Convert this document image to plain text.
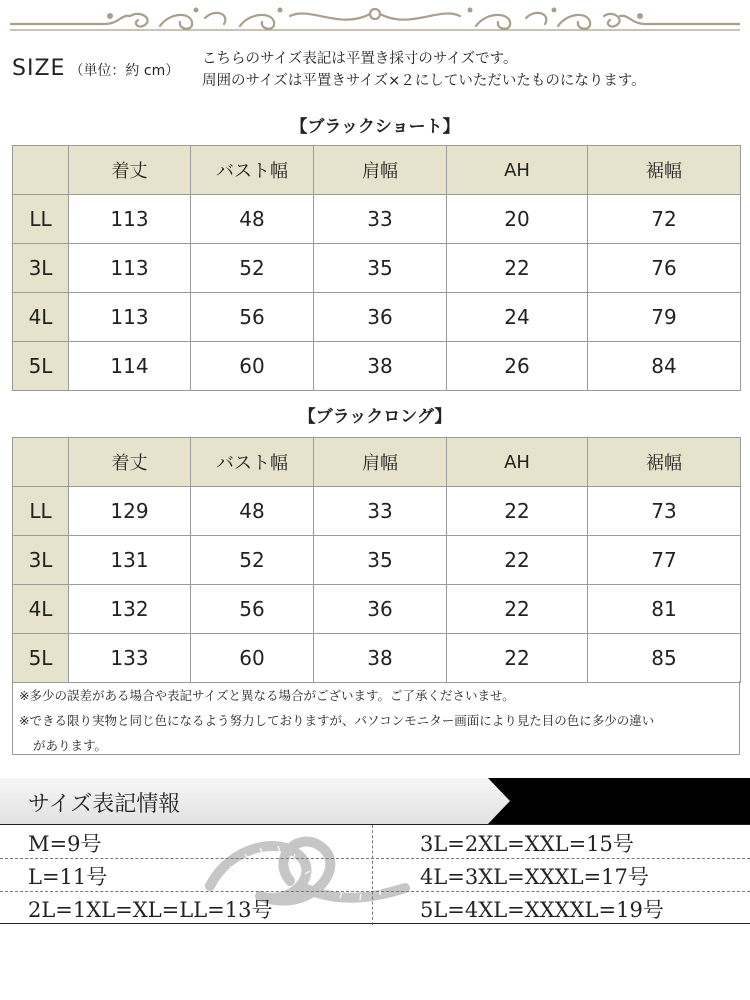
SIZE （単位：約 cm）
こちらのサイズ表記は平置き採寸のサイズです。
周囲のサイズは平置きサイズ×２にしていただいたものになります。
【ブラックショート】
	着丈	バスト幅	肩幅	AH	裾幅
LL	113	48	33	20	72
3L	113	52	35	22	76
4L	113	56	36	24	79
5L	114	60	38	26	84
【ブラックロング】
	着丈	バスト幅	肩幅	AH	裾幅
LL	129	48	33	22	73
3L	131	52	35	22	77
4L	132	56	36	22	81
5L	133	60	38	22	85

※多少の誤差がある場合や表記サイズと異なる場合がございます。ご了承くださいませ。

※できる限り実物と同じ色になるよう努力しておりますが、パソコンモニター画面により見た目の色に多少の違い

があります。

サイズ表記情報
M=9号
L=11号
2L=1XL=XL=LL=13号
3L=2XL=XXL=15号
4L=3XL=XXXL=17号
5L=4XL=XXXXL=19号
